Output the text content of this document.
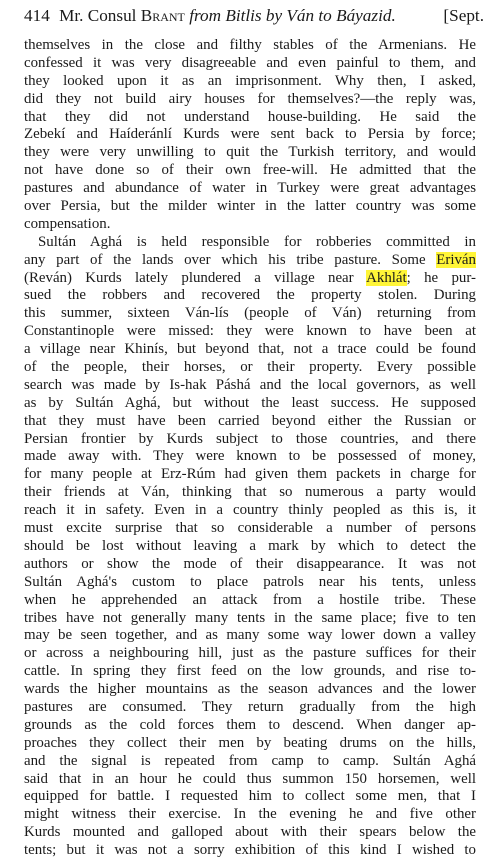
414 Mr. Consul Brant from Bitlis by Ván to Báyazid.	[Sept.
themselves in the close and filthy stables of the Armenians. He
confessed it was very disagreeable and even painful to them, and
they looked upon it as an imprisonment. Why then, I asked,
did they not build airy houses for themselves?—the reply was,
that they did not understand house-building. He said the
Zebekí and Haíderánlí Kurds were sent back to Persia by force;
they were very unwilling to quit the Turkish territory, and would
not have done so of their own free-will. He admitted that the
pastures and abundance of water in Turkey were great advantages
over Persia, but the milder winter in the latter country was some
compensation.
Sultán Aghá is held responsible for robberies committed in
any part of the lands over which his tribe pasture. Some Eriván
(Reván) Kurds lately plundered a village near Akhlát; he pur-
sued the robbers and recovered the property stolen. During
this summer, sixteen Ván-lís (people of Ván) returning from
Constantinople were missed: they were known to have been at
a village near Khinís, but beyond that, not a trace could be found
of the people, their horses, or their property. Every possible
search was made by Is-hak Páshá and the local governors, as well
as by Sultán Aghá, but without the least success. He supposed
that they must have been carried beyond either the Russian or
Persian frontier by Kurds subject to those countries, and there
made away with. They were known to be possessed of money,
for many people at Erz-Rúm had given them packets in charge for
their friends at Ván, thinking that so numerous a party would
reach it in safety. Even in a country thinly peopled as this is, it
must excite surprise that so considerable a number of persons
should be lost without leaving a mark by which to detect the
authors or show the mode of their disappearance. It was not
Sultán Aghá's custom to place patrols near his tents, unless
when he apprehended an attack from a hostile tribe. These
tribes have not generally many tents in the same place; five to ten
may be seen together, and as many some way lower down a valley
or across a neighbouring hill, just as the pasture suffices for their
cattle. In spring they first feed on the low grounds, and rise to-
wards the higher mountains as the season advances and the lower
pastures are consumed. They return gradually from the high
grounds as the cold forces them to descend. When danger ap-
proaches they collect their men by beating drums on the hills,
and the signal is repeated from camp to camp. Sultán Aghá
said that in an hour he could thus summon 150 horsemen, well
equipped for battle. I requested him to collect some men, that I
might witness their exercise. In the evening he and five other
Kurds mounted and galloped about with their spears below the
tents; but it was not a sorry exhibition of this kind I wished to
